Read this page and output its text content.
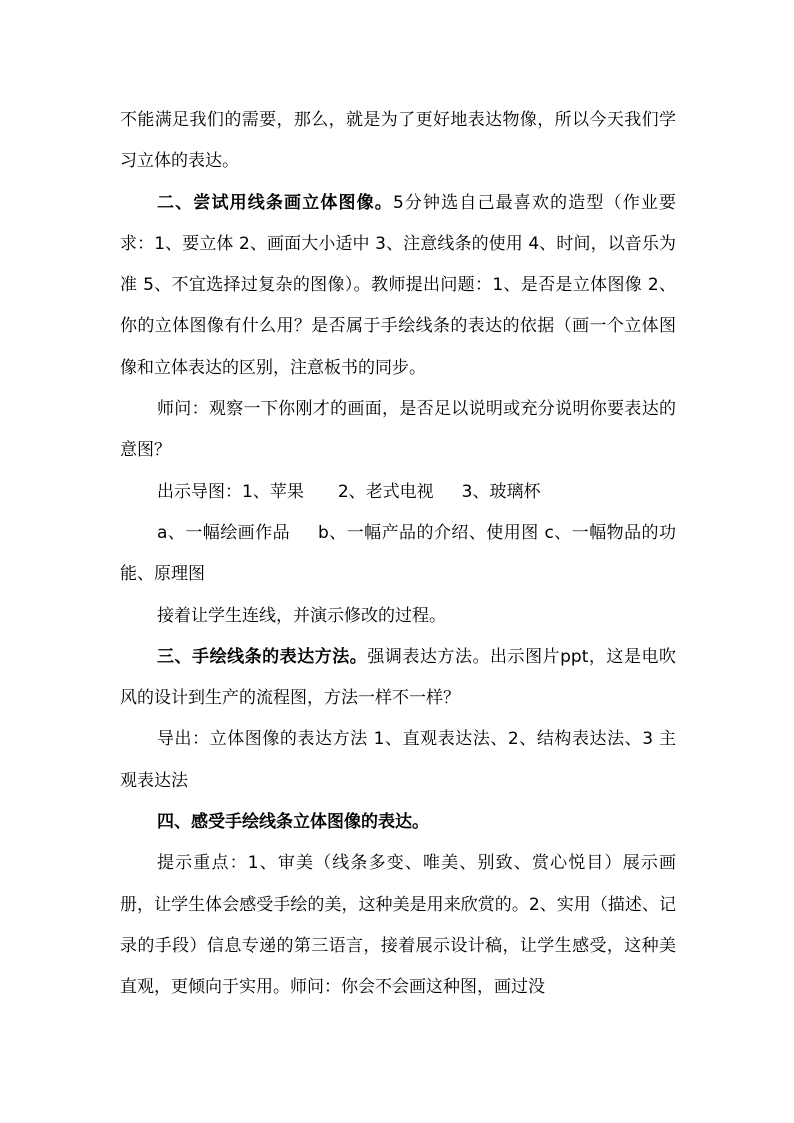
不能满足我们的需要，那么，就是为了更好地表达物像，所以今天我们学习立体的表达。

二、尝试用线条画立体图像。5分钟选自己最喜欢的造型（作业要求：1、要立体 2、画面大小适中 3、注意线条的使用 4、时间，以音乐为准 5、不宜选择过复杂的图像）。教师提出问题：1、是否是立体图像 2、你的立体图像有什么用？是否属于手绘线条的表达的依据（画一个立体图像和立体表达的区别，注意板书的同步。

师问：观察一下你刚才的画面，是否足以说明或充分说明你要表达的意图？

出示导图：1、苹果 2、老式电视 3、玻璃杯

a、一幅绘画作品 b、一幅产品的介绍、使用图 c、一幅物品的功能、原理图

接着让学生连线，并演示修改的过程。

三、手绘线条的表达方法。强调表达方法。出示图片ppt，这是电吹风的设计到生产的流程图，方法一样不一样？

导出：立体图像的表达方法 1、直观表达法、2、结构表达法、3 主观表达法

四、感受手绘线条立体图像的表达。

提示重点：1、审美（线条多变、唯美、别致、赏心悦目）展示画册，让学生体会感受手绘的美，这种美是用来欣赏的。2、实用（描述、记录的手段）信息专递的第三语言，接着展示设计稿，让学生感受，这种美直观，更倾向于实用。师问：你会不会画这种图，画过没
